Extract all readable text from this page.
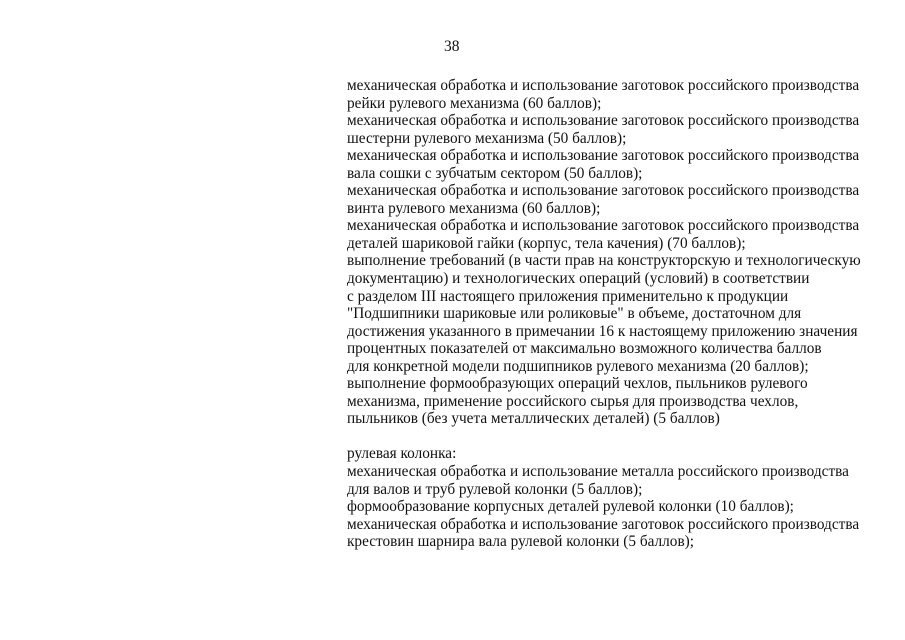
38
механическая обработка и использование заготовок российского производства
рейки рулевого механизма (60 баллов);
механическая обработка и использование заготовок российского производства
шестерни рулевого механизма (50 баллов);
механическая обработка и использование заготовок российского производства
вала сошки с зубчатым сектором (50 баллов);
механическая обработка и использование заготовок российского производства
винта рулевого механизма (60 баллов);
механическая обработка и использование заготовок российского производства
деталей шариковой гайки (корпус, тела качения) (70 баллов);
выполнение требований (в части прав на конструкторскую и технологическую
документацию) и технологических операций (условий) в соответствии
с разделом III настоящего приложения применительно к продукции
"Подшипники шариковые или роликовые" в объеме, достаточном для
достижения указанного в примечании 16 к настоящему приложению значения
процентных показателей от максимально возможного количества баллов
для конкретной модели подшипников рулевого механизма (20 баллов);
выполнение формообразующих операций чехлов, пыльников рулевого
механизма, применение российского сырья для производства чехлов,
пыльников (без учета металлических деталей) (5 баллов)
рулевая колонка:
механическая обработка и использование металла российского производства
для валов и труб рулевой колонки (5 баллов);
формообразование корпусных деталей рулевой колонки (10 баллов);
механическая обработка и использование заготовок российского производства
крестовин шарнира вала рулевой колонки (5 баллов);
